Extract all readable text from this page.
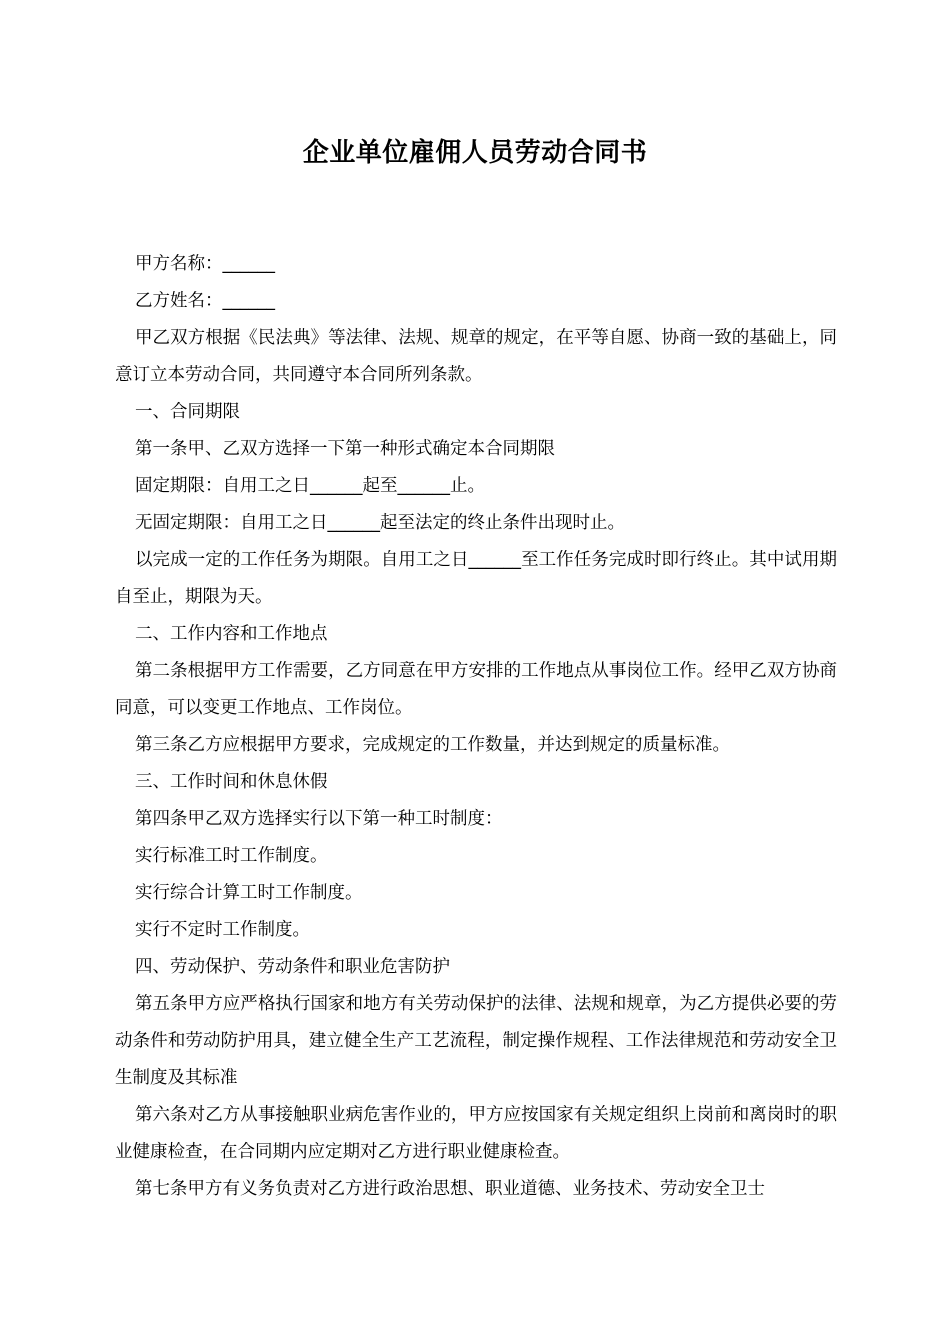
企业单位雇佣人员劳动合同书

甲方名称：______

乙方姓名：______

甲乙双方根据《民法典》等法律、法规、规章的规定，在平等自愿、协商一致的基础上，同意订立本劳动合同，共同遵守本合同所列条款。

一、合同期限

第一条甲、乙双方选择一下第一种形式确定本合同期限

固定期限：自用工之日______起至______止。

无固定期限：自用工之日______起至法定的终止条件出现时止。

以完成一定的工作任务为期限。自用工之日______至工作任务完成时即行终止。其中试用期自至止，期限为天。

二、工作内容和工作地点

第二条根据甲方工作需要，乙方同意在甲方安排的工作地点从事岗位工作。经甲乙双方协商同意，可以变更工作地点、工作岗位。

第三条乙方应根据甲方要求，完成规定的工作数量，并达到规定的质量标准。

三、工作时间和休息休假

第四条甲乙双方选择实行以下第一种工时制度：

实行标准工时工作制度。

实行综合计算工时工作制度。

实行不定时工作制度。

四、劳动保护、劳动条件和职业危害防护

第五条甲方应严格执行国家和地方有关劳动保护的法律、法规和规章，为乙方提供必要的劳动条件和劳动防护用具，建立健全生产工艺流程，制定操作规程、工作法律规范和劳动安全卫生制度及其标准

第六条对乙方从事接触职业病危害作业的，甲方应按国家有关规定组织上岗前和离岗时的职业健康检查，在合同期内应定期对乙方进行职业健康检查。

第七条甲方有义务负责对乙方进行政治思想、职业道德、业务技术、劳动安全卫士
